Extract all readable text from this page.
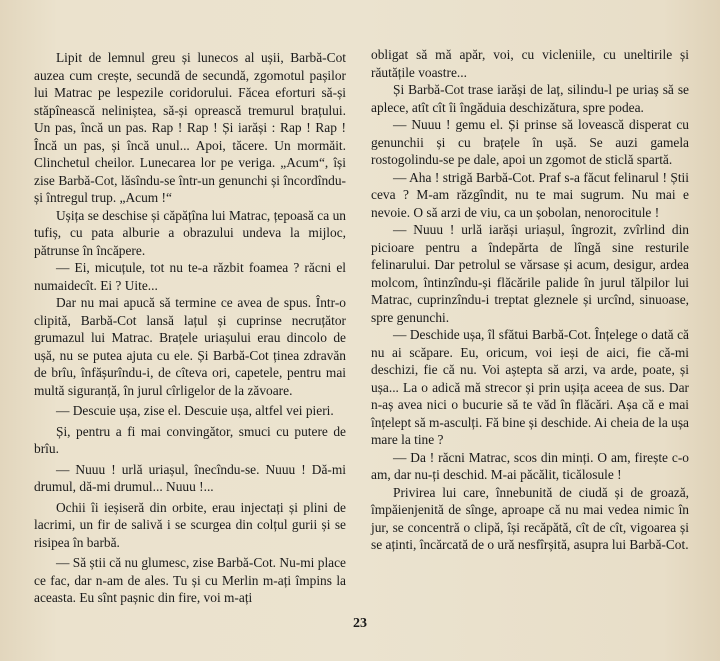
Lipit de lemnul greu și lunecos al ușii, Barbă-Cot auzea cum crește, secundă de secundă, zgomotul pașilor lui Matrac pe lespezile coridorului. Făcea eforturi să-și stăpînească neliniștea, să-și oprească tremurul brațului. Un pas, încă un pas. Rap ! Rap ! Și iarăși : Rap ! Rap ! Încă un pas, și încă unul... Apoi, tăcere. Un mormăit. Clinchetul cheilor. Lunecarea lor pe veriga. „Acum“, își zise Barbă-Cot, lăsîndu-se într-un genunchi și încordîndu-și întregul trup. „Acum !“

Ușița se deschise și căpățîna lui Matrac, țepoasă ca un tufiș, cu pata alburie a obrazului undeva la mijloc, pătrunse în încăpere.

— Ei, micuțule, tot nu te-a răzbit foamea ? răcni el numaidecît. Ei ? Uite...

Dar nu mai apucă să termine ce avea de spus. Într-o clipită, Barbă-Cot lansă lațul și cuprinse necruțător grumazul lui Matrac. Brațele uriașului erau dincolo de ușă, nu se putea ajuta cu ele. Și Barbă-Cot ținea zdravăn de brîu, înfășurîndu-i, de cîteva ori, capetele, pentru mai multă siguranță, în jurul cîrligelor de la zăvoare.

— Descuie ușa, zise el. Descuie ușa, altfel vei pieri.

Și, pentru a fi mai convingător, smuci cu putere de brîu.

— Nuuu ! urlă uriașul, înecîndu-se. Nuuu ! Dă-mi drumul, dă-mi drumul... Nuuu !...

Ochii îi ieșiseră din orbite, erau injectați și plini de lacrimi, un fir de salivă i se scurgea din colțul gurii și se risipea în barbă.

— Să știi că nu glumesc, zise Barbă-Cot. Nu-mi place ce fac, dar n-am de ales. Tu și cu Merlin m-ați împins la aceasta. Eu sînt pașnic din fire, voi m-ați

obligat să mă apăr, voi, cu vicleniile, cu uneltirile și răutățile voastre...

Și Barbă-Cot trase iarăși de laț, silindu-l pe uriaș să se aplece, atît cît îi îngăduia deschizătura, spre podea.

— Nuuu ! gemu el. Și prinse să lovească disperat cu genunchii și cu brațele în ușă. Se auzi gamela rostogolindu-se pe dale, apoi un zgomot de sticlă spartă.

— Aha ! strigă Barbă-Cot. Praf s-a făcut felinarul ! Știi ceva ? M-am răzgîndit, nu te mai sugrum. Nu mai e nevoie. O să arzi de viu, ca un șobolan, nenorocitule !

— Nuuu ! urlă iarăși uriașul, îngrozit, zvîrlind din picioare pentru a îndepărta de lîngă sine resturile felinarului. Dar petrolul se vărsase și acum, desigur, ardea molcom, întinzîndu-și flăcările palide în jurul tălpilor lui Matrac, cuprinzîndu-i treptat gleznele și urcînd, sinuoase, spre genunchi.

— Deschide ușa, îl sfătui Barbă-Cot. Înțelege o dată că nu ai scăpare. Eu, oricum, voi ieși de aici, fie că-mi deschizi, fie că nu. Voi aștepta să arzi, va arde, poate, și ușa... La o adică mă strecor și prin ușița aceea de sus. Dar n-aș avea nici o bucurie să te văd în flăcări. Așa că e mai înțelept să m-asculți. Fă bine și deschide. Ai cheia de la ușa mare la tine ?

— Da ! răcni Matrac, scos din minți. O am, firește c-o am, dar nu-ți deschid. M-ai păcălit, ticălosule !

Privirea lui care, înnebunită de ciudă și de groază, împăienjenită de sînge, aproape că nu mai vedea nimic în jur, se concentră o clipă, își recăpătă, cît de cît, vigoarea și se aținti, încărcată de o ură nesfîrșită, asupra lui Barbă-Cot.

23
